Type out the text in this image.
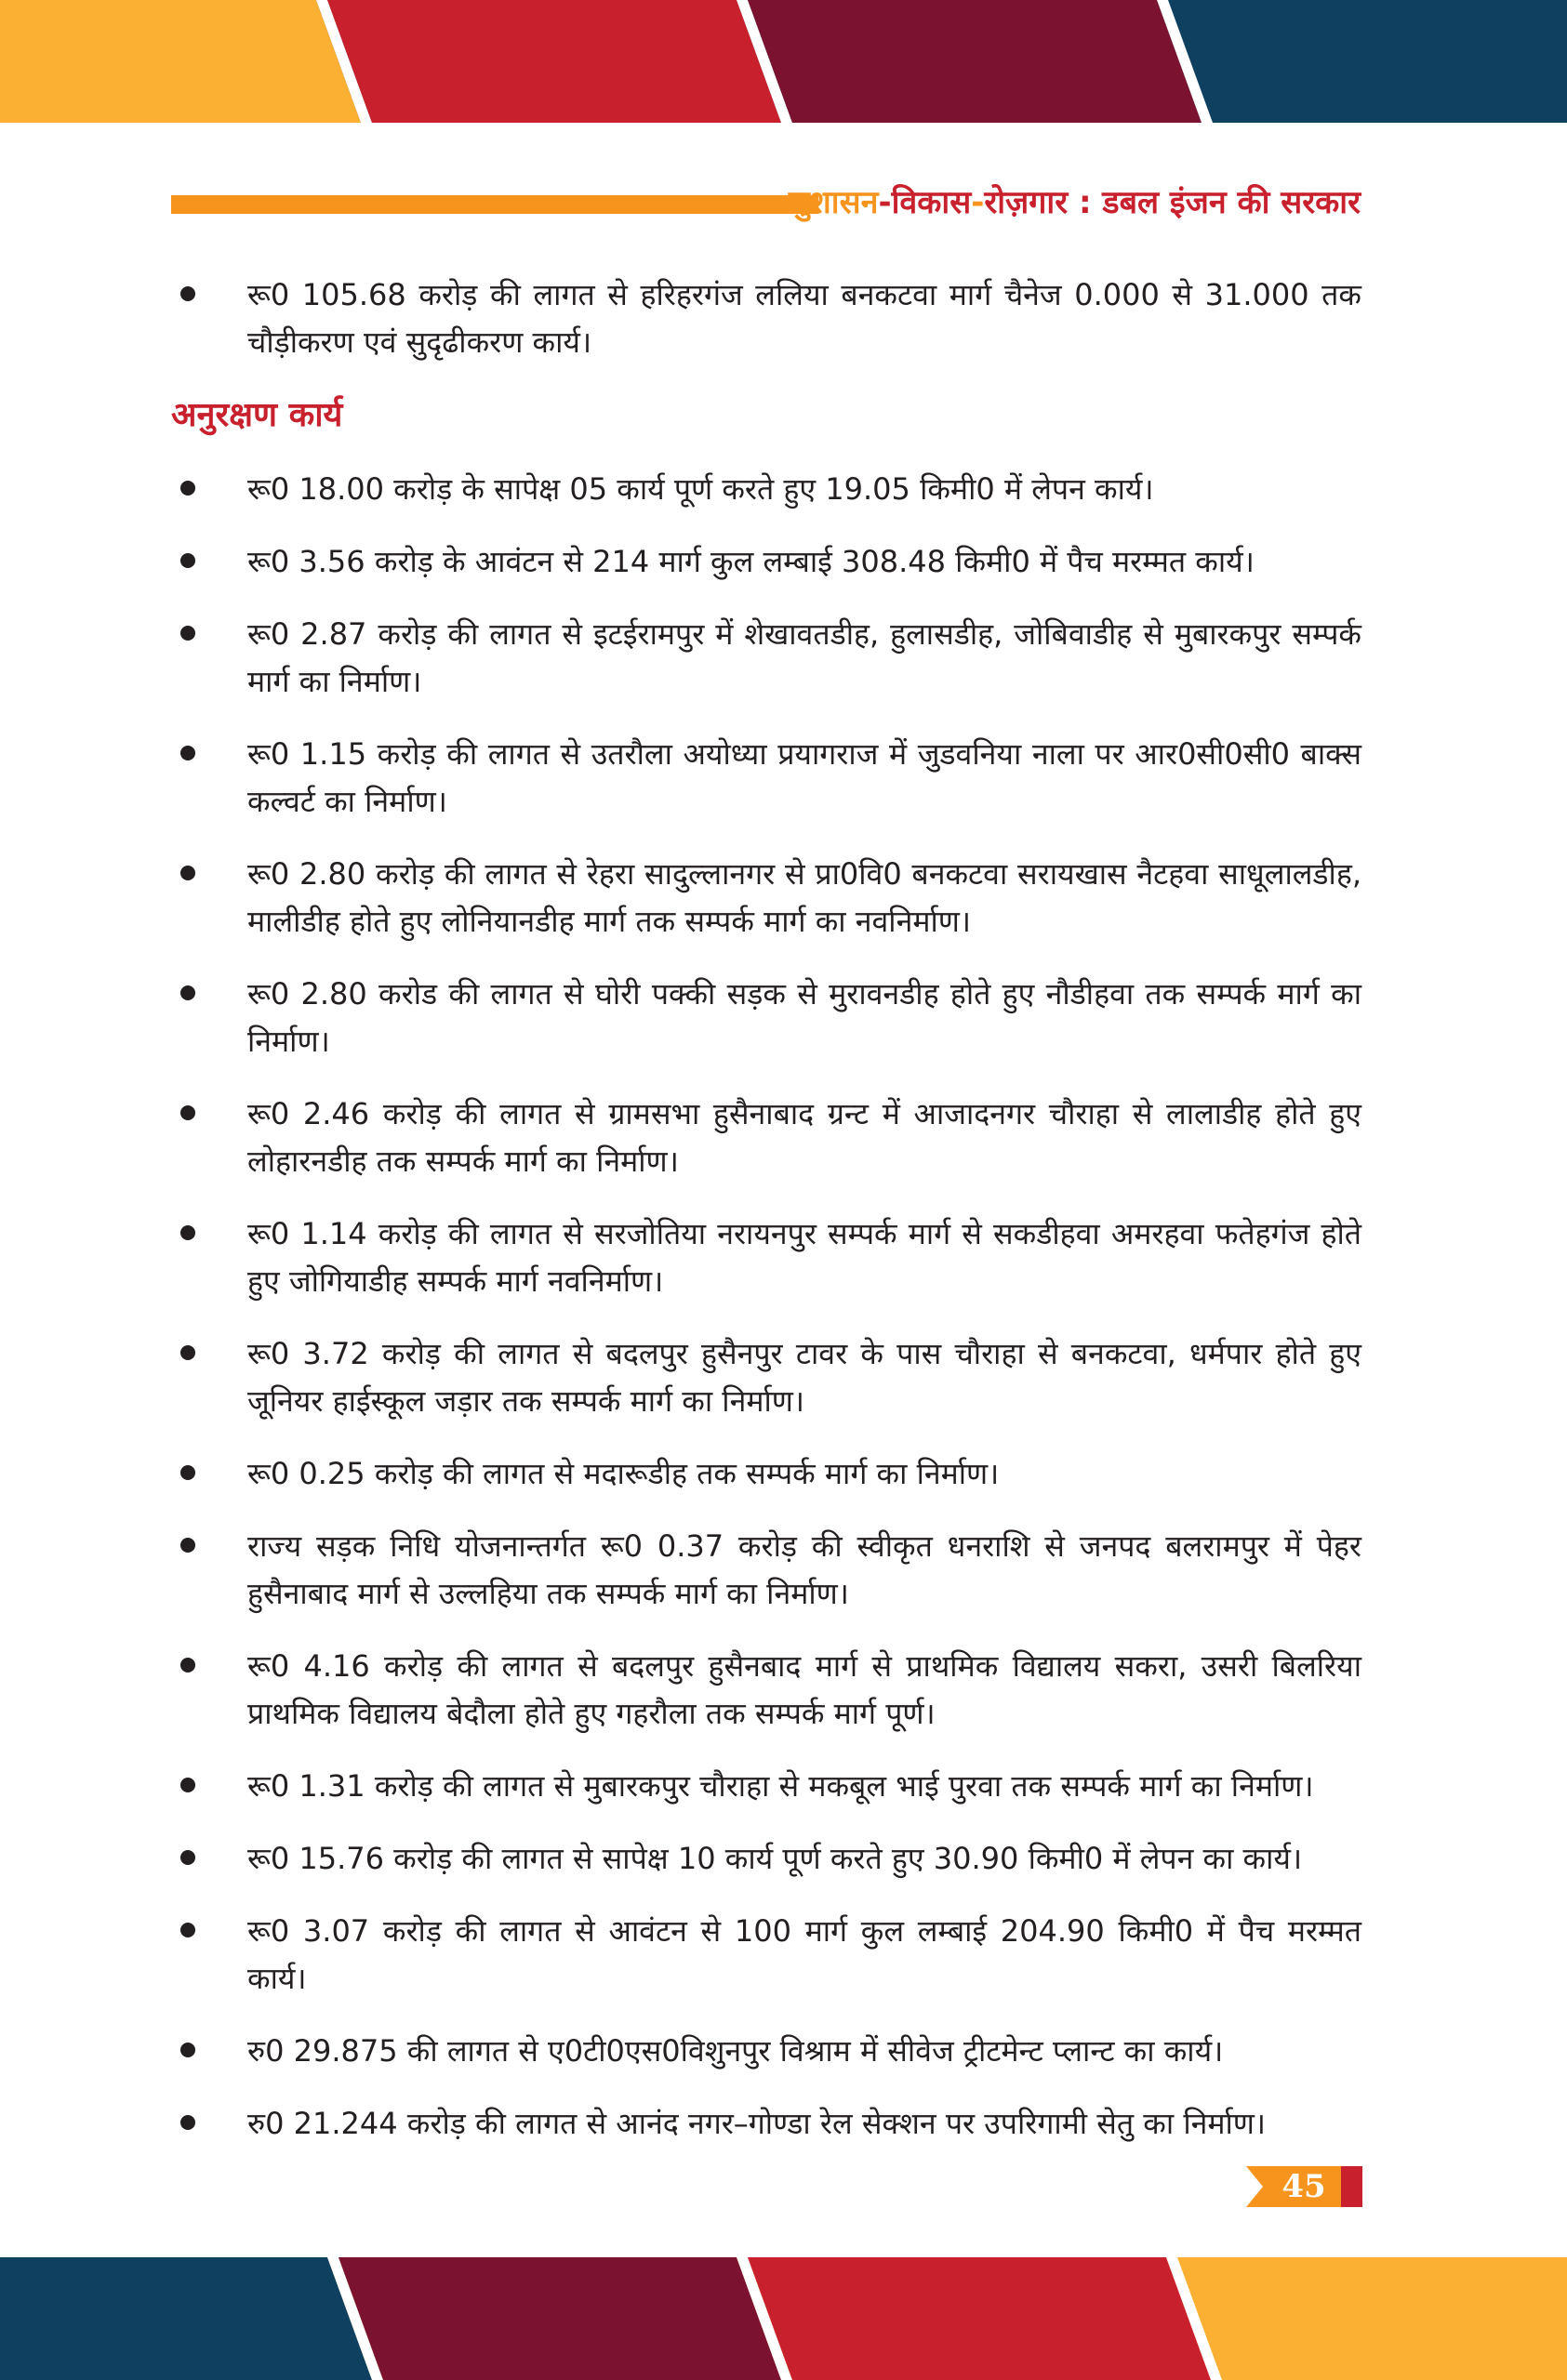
सुशासन-विकास-रोज़गार : डबल इंजन की सरकार
रू0 105.68 करोड़ की लागत से हरिहरगंज ललिया बनकटवा मार्ग चैनेज 0.000 से 31.000 तक चौड़ीकरण एवं सुदृढीकरण कार्य।
अनुरक्षण कार्य
रू0 18.00 करोड़ के सापेक्ष 05 कार्य पूर्ण करते हुए 19.05 किमी0 में लेपन कार्य।
रू0 3.56 करोड़ के आवंटन से 214 मार्ग कुल लम्बाई 308.48 किमी0 में पैच मरम्मत कार्य।
रू0 2.87 करोड़ की लागत से इटईरामपुर में शेखावतडीह, हुलासडीह, जोबिवाडीह से मुबारकपुर सम्पर्क मार्ग का निर्माण।
रू0 1.15 करोड़ की लागत से उतरौला अयोध्या प्रयागराज में जुडवनिया नाला पर आर0सी0सी0 बाक्स कल्वर्ट का निर्माण।
रू0 2.80 करोड़ की लागत से रेहरा सादुल्लानगर से प्रा0वि0 बनकटवा सरायखास नैटहवा साधूलालडीह, मालीडीह होते हुए लोनियानडीह मार्ग तक सम्पर्क मार्ग का नवनिर्माण।
रू0 2.80 करोड की लागत से घोरी पक्की सड़क से मुरावनडीह होते हुए नौडीहवा तक सम्पर्क मार्ग का निर्माण।
रू0 2.46 करोड़ की लागत से ग्रामसभा हुसैनाबाद ग्रन्ट में आजादनगर चौराहा से लालाडीह होते हुए लोहारनडीह तक सम्पर्क मार्ग का निर्माण।
रू0 1.14 करोड़ की लागत से सरजोतिया नरायनपुर सम्पर्क मार्ग से सकडीहवा अमरहवा फतेहगंज होते हुए जोगियाडीह सम्पर्क मार्ग नवनिर्माण।
रू0 3.72 करोड़ की लागत से बदलपुर हुसैनपुर टावर के पास चौराहा से बनकटवा, धर्मपार होते हुए जूनियर हाईस्कूल जड़ार तक सम्पर्क मार्ग का निर्माण।
रू0 0.25 करोड़ की लागत से मदारूडीह तक सम्पर्क मार्ग का निर्माण।
राज्य सड़क निधि योजनान्तर्गत रू0 0.37 करोड़ की स्वीकृत धनराशि से जनपद बलरामपुर में पेहर हुसैनाबाद मार्ग से उल्लहिया तक सम्पर्क मार्ग का निर्माण।
रू0 4.16 करोड़ की लागत से बदलपुर हुसैनबाद मार्ग से प्राथमिक विद्यालय सकरा, उसरी बिलरिया प्राथमिक विद्यालय बेदौला होते हुए गहरौला तक सम्पर्क मार्ग पूर्ण।
रू0 1.31 करोड़ की लागत से मुबारकपुर चौराहा से मकबूल भाई पुरवा तक सम्पर्क मार्ग का निर्माण।
रू0 15.76 करोड़ की लागत से सापेक्ष 10 कार्य पूर्ण करते हुए 30.90 किमी0 में लेपन का कार्य।
रू0 3.07 करोड़ की लागत से आवंटन से 100 मार्ग कुल लम्बाई 204.90 किमी0 में पैच मरम्मत कार्य।
रु0 29.875 की लागत से ए0टी0एस0विशुनपुर विश्राम में सीवेज ट्रीटमेन्ट प्लान्ट का कार्य।
रु0 21.244 करोड़ की लागत से आनंद नगर–गोण्डा रेल सेक्शन पर उपरिगामी सेतु का निर्माण।
45
